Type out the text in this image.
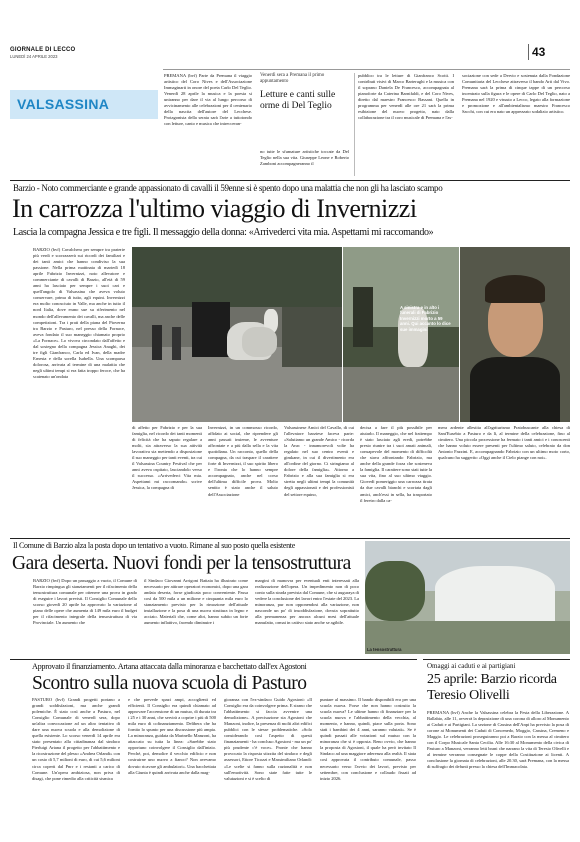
GIORNALE DI LECCO
LUNEDÌ 24 APRILE 2023	43
VALSASSINA
PREMANA (bvf) Parte da Premana il viaggio artistico del Coro Nives e dell'Associazione Immaginarti in onore del poeta Carlo Del Teglio. Venerdì 28 aprile la musica e la poesia si uniranno per dare il via al lungo percorso di avvicinamento alle celebrazioni per il centenario della nascita dell'autore del Lecchese. Protagonista della serata sarà l'arte a tuttotondo con letture, canto e musica che intrecceran-
Venerdì sera a Premana il primo appuntamento
Letture e canti sulle orme di Del Teglio
no tutte le sfumature artistiche toccate da Del Teglio nella sua vita. Giuseppe Leone e Roberto Zamboni accompagneranno il
pubblico tra le letture di Gianfranco Scotti. I contributi visivi di Marco Barterughi e la musica con il soprano Daniela De Francesco, accompagnata al pianoforte da Caterina Barnifaldi, e del Coro Nives, diretto dal maestro Francesco Bassani. Quella in programma per venerdì alle ore 21 sarà la prima esibizione del nuovo progetto, nato dalla collaborazione tra il coro musicale di Premana e l'as-
sociazione con sede a Dervio e sostenuta dalla Fondazione Comunitaria del Lecchese attraverso il bando Arti dal Vivo. Premana sarà la prima di cinque tappe di un percorso incentrato sulla figura e le opere di Carlo Del Teglio, nato a Premana nel 1920 e vissuto a Lecco, legato alla formazione e promozione e all'ambientalismo maestro Francesco Sacchi, con cui era nato un apprezzato sodalizio artistico.
Barzio - Noto commerciante e grande appassionato di cavalli il 59enne si è spento dopo una malattia che non gli ha lasciato scampo
In carrozza l'ultimo viaggio di Invernizzi
Lascia la compagna Jessica e tre figli. Il messaggio della donna: «Arrivederci vita mia. Aspettami mi raccomando»
BARZIO (bvf) Cavalchera per sempre tra praterie più verdi e scorrazzerà sui ricordi dei familiari e dei tanti amici che hanno condiviso la sua passione. Nella prima mattinata di martedì 18 aprile Fabrizio Invernizzi, noto allevatore e commerciante di cavalli di Barzio, all'età di 59 anni ha lasciato per sempre i suoi cari e quell'angolo di Valsassina che aveva voluto conservare, prima di tutto, agli equini. Invernizzi era molto conosciuto in Valle, ma anche in tutto il nord Italia, dove erano sue su riferimento nel mondo dell'allevamento dei cavalli, ma anche delle competizioni. Tra i prati della piana del Pioverna tra Barzio e Pasturo, nel presso della Fornace, aveva fondato il suo maneggio chiamato proprio «La Fornace». Lo vivova circondato dall'affetto e dal sostegno della compagna Jessica Anaghi, dei tre figli Gianfranco, Carla ed Ivan, della madre Ernesta e della sorella Isabella. Una scomparsa dolorosa, arrivata al termine di una malattia che negli ultimi tempi si era fatta troppo feroce, che ha scatenato un'ondata
A sinistra e in alto i funerali di Fabrizio Invernizzi morto a 59 anni. Qui accanto lo dice sue immagini
di affetto per Fabrizio e per la sua famiglia, nel ricordo dei tanti momenti di felicità che ha saputo regalare a molti, sia attraverso la sua attività lavorativa sia mettendo a disposizione il suo maneggio per tanti eventi, tra cui il Valsassina Country Festival che per anni aveva ospitato, lasciandolo verso il successo. «Arrivederci Vita mia. Aspettami mi raccomando» scrive Jessica, la compagna di
Invernizzi, in un commosso ricordo, affidato ai social, che riprendere gli anni passati insieme, le avventure affrontate e a più dalla sella e la vita quotidiana. Un racconto, quello della compagna, da cui traspare il carattere forte di Invernizzi, il suo spirito libero e l'ironia che lo hanno sempre accompagnato, anche nel corso dell'ultima difficile prova. Molto sentito è stato anche il saluto dell'Associazione
Valsassinese Amici del Cavallo, di cui l'allevatore barziese faceva parte: «Salutiamo un grande Amico - ricorda la Avac - innamorevoli volte ha regalato nel suo centro eventi e gimkane, in cui il divertimento era all'ordine del giorno. Ci stringiamo al dolore della famiglia». Attorno a Fabrizio e alla sua famiglia si era stretta negli ultimi tempi la comunità degli appassionati e dei professionisti del settore equino,
decisa a fare il più possibile per aiutarlo. Il maneggio, che nel frattempo è stato lasciato agli eredi, potrebbe presto riunire tra i suoi amati animali, consapevole del momento di difficoltà che stava affrontando Fabrizio, ma anche della grande forza che sosteneva la famiglia. Il carattere sono stati tutte la sua vita, fino al suo ultimo viaggio. Giovedì pomeriggio una carrozza tirata da due cavalli bianchi e scortata dagli amici, anch'essi in sella, ha trasportato il feretro dalla ca-
mera ardente allestita all'agriturismo Pratobuscante alla chiesa di Sant'Eusebio a Pasturo e da lì, al termine della celebrazione, fino al cimitero. Una piccola processione ha fermato i tanti amici e i conoscenti che hanno voluto essere presenti per l'ultimo saluto, celebrato da don Antonio Fazzini. E, accompagnando Fabrizio con un ultimo moto corto, qualcuno ha suggerito «Oggi anche il Cielo piange con noi».
Il Comune di Barzio alza la posta dopo un tentativo a vuoto. Rimane al suo posto quella esistente
Gara deserta. Nuovi fondi per la tensostruttura
BARZIO (bvf) Dopo un passaggio a vuoto, il Comune di Barzio rimpingua gli stanziamenti per il rifacimento della tensostruttura comunale per ottenere una prova in grado di eseguire i lavori previsti. Il Consiglio Comunale dello scorso giovedì 20 aprile ha approvato la variazione al piano delle opere che aumenta di 149 mila euro il budget per il rifacimento integrale della tensostruttura di via Provinciale. Un aumento che
il Sindaco Giovanni Arrigoni Battaia ha illustrato come necessario per attirare operatori economici, dopo una gara andata deserta, forse giudicata poco conveniente. Passa così da 500 mila a un milione e cinquanta mila euro lo stanziamento previsto per la rimozione dell'attuale installazione e la posa di una nuova struttura in legno e acciaio. Materiali che, come altri, hanno subito un forte aumento inflattivo, facendo diminuire i
margini di manovra per eventuali enti interessati alla realizzazione dell'opera. Un impedimento non di poco conto sulla strada prevista dal Comune, che si auguraya di vedere la conclusione dei lavori entro l'estate del 2023. La minoranza, pur non opponendosi alla variazione, non nasconde un po' di insoddisfazione, dovuta soprattutto alla permanenza per ancora alcuni mesi dell'attuale manufatto, ormai in cattivo stato anche se agibile.
La tensostruttura
Approvato il finanziamento. Artana attaccata dalla minoranza e bacchettato dall'ex Agostoni
Scontro sulla nuova scuola di Pasturo
PASTURO (bvf) Grandi progetti portano a grandi soddisfazioni, ma anche grandi polemiche. È stato così anche a Pasturo, nel Consiglio Comunale di venerdì sera, dopo un'altra convocazione ad un altro tentativo di dare una nuova scuola e alla demolizione di quella esistente. Lo scorso venerdì 14 aprile era stato presentato alla cittadinanza dal sindaco Pierluigi Artana il progetto per l'abbattimento e la ricostruzione del plesso «Andrea Orlandi» con un costo di 5,7 milioni di euro, di cui 5,6 milioni circa coperti dal Pnrr e i restanti a carico di Comune. Un'opera ambiziosa, non priva di disagi, che pone rimedio alla criticità sismica
e che prevede spazi ampi, accoglienti ed efficienti. Il Consiglio era quindi chiamato ad approvare l'accensione di un mutuo, di durata tra i 25 e i 30 anni, che servirà a coprire i più di 500 mila euro di cofinanziamento. Delibera che ha fornito lo spunto per una discussione più ampia. La minoranza, guidata da Marinello Manzoni, ha attaccato su tutta la linea: «Sarebbe stato opportuno coinvolgere il Consiglio dall'inizio. Perché, poi, demolire il vecchio edificio e non costruirne uno nuovo a fianco? Non avevamo dovuto ricavare gli ambulatori». Una bacchettata alla Giunta è quindi arrivata anche dalla mag-
gioranza con l'ex-sindaco Guido Agostoni: «Il Consiglio era da coinvolgere prima. E strano che l'abbattimento si faccia avvenire una demolizione». A precisazione sta Agostoni che Manzoni, inoltre, la presenza di molti altri edifici pubblici con le stesse problematiche. «Solo considerando così l'aspetto di questi finanziamenti - ha concluso Agostoni - ma un po' più prudente c'è voce». Pronte che hanno provocato la risposta stizzita del sindaco e degli assessori, Ettore Ticozzi e Massimiliano Orlandi: «Le scelte si fanno sulla razionalità e non sull'emotività. Sono state fatte tutte le valutazioni e si è scelto di
puntare al massimo. Il bando disponibili era per una scuola nuova. Forse che non hanno costruito la scuola nuova? Le ultime hanno di finanziare per la scuola nuova e l'abbattimento della vecchia, al momento, e hanno, quindi, piace sulla porta. Sono stati i bambini dei 4 anni, saranno valutati». Se è quindi passati alle votazioni sul mutuo con la minoranza che si è opposta. Reno ovvio, che hanno la proposta di Agostoni, il quale ha però invitato Il Sindaco ad una maggiore aderenza alla realtà. Il stata così approvata il contributo comunale, passo necessario verso l'avvio dei lavori, previsto per settembre, con conclusione e collaudo fissati ad inizio 2026.
Omaggi ai caduti e ai partigiani
25 aprile: Barzio ricorda Teresio Olivelli
PREMANA (bvf) Anche la Valsassina celebra la Festa della Liberazione. A Ballabio, alle 11, avverrà la deposizione di una corona di alloro al Monumento ai Caduti e ai Partigiani. La sezione di Cassina dell'Anpi ha previsto la posa di corone ai Monumenti dei Caduti di Concenedo, Moggio, Cassina, Cremeno e Maggio. Le celebrazioni proseguiranno poi a Barzio con la messa al cimitero con il Corpo Musicale Santa Cecilia. Alle 16:30 al Monumento della civica di Pasturo a Manzoni, verranno letti brani che narrano la vita di Teresio Olivelli e al termine verranno consegnate le coppe della Costituzione ai licenti. A conclusione la giornata di celebrazioni, alle 20.30, sarà Premana, con la messa di suffragio dei defunti presso la chiesa dell'Immacolata.
